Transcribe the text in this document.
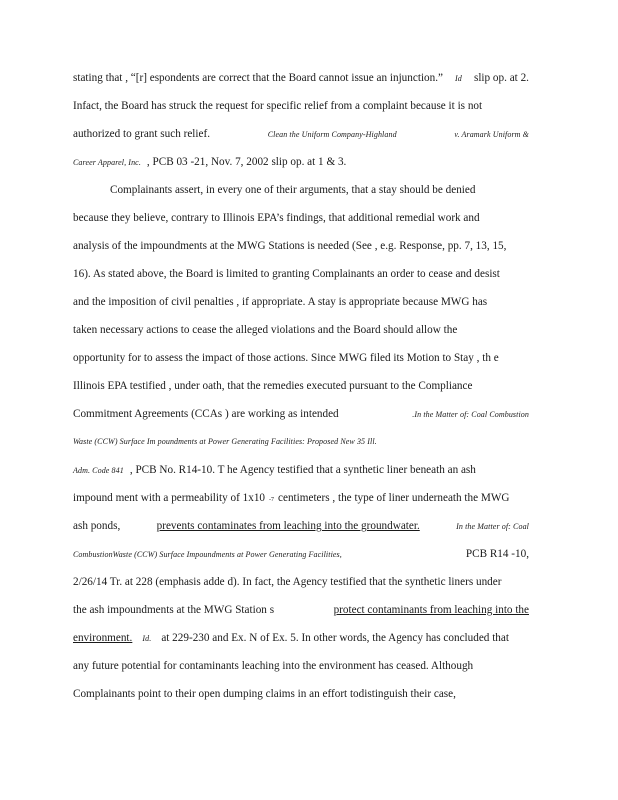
stating that , “[r] espondents are correct that the Board cannot issue an injunction.” Id slip op. at 2.
Infact, the Board has struck the request for specific relief from a complaint because it is not
authorized to grant such relief.	Clean the Uniform Company-Highland	v. Aramark Uniform &
Career Apparel, Inc. , PCB 03 -21, Nov. 7, 2002 slip op. at 1 & 3.
Complainants assert, in every one of their arguments, that a stay should be denied
because they believe, contrary to Illinois EPA’s findings, that additional remedial work and
analysis of the impoundments at the MWG Stations is needed (See , e.g. Response, pp. 7, 13, 15,
16). As stated above, the Board is limited to granting Complainants an order to cease and desist
and the imposition of civil penalties , if appropriate. A stay is appropriate because MWG has
taken necessary actions to cease the alleged violations and the Board should allow the
opportunity for to assess the impact of those actions. Since MWG filed its Motion to Stay , th e
Illinois EPA testified , under oath, that the remedies executed pursuant to the Compliance
Commitment Agreements (CCAs ) are working as intended	.In the Matter of: Coal Combustion
Waste (CCW) Surface Im poundments at Power Generating Facilities: Proposed New 35 Ill.
Adm. Code 841 , PCB No. R14-10. T he Agency testified that a synthetic liner beneath an ash
impound ment with a permeability of 1x10 -7 centimeters , the type of liner underneath the MWG
ash ponds,	prevents contaminates from leaching into the groundwater.	In the Matter of: Coal
CombustionWaste (CCW) Surface Impoundments at Power Generating Facilities,	PCB R14 -10,
2/26/14 Tr. at 228 (emphasis adde d). In fact, the Agency testified that the synthetic liners under
the ash impoundments at the MWG Station s	protect contaminants from leaching into the
environment. Id. at 229-230 and Ex. N of Ex. 5. In other words, the Agency has concluded that
any future potential for contaminants leaching into the environment has ceased. Although
Complainants point to their open dumping claims in an effort todistinguish their case,
